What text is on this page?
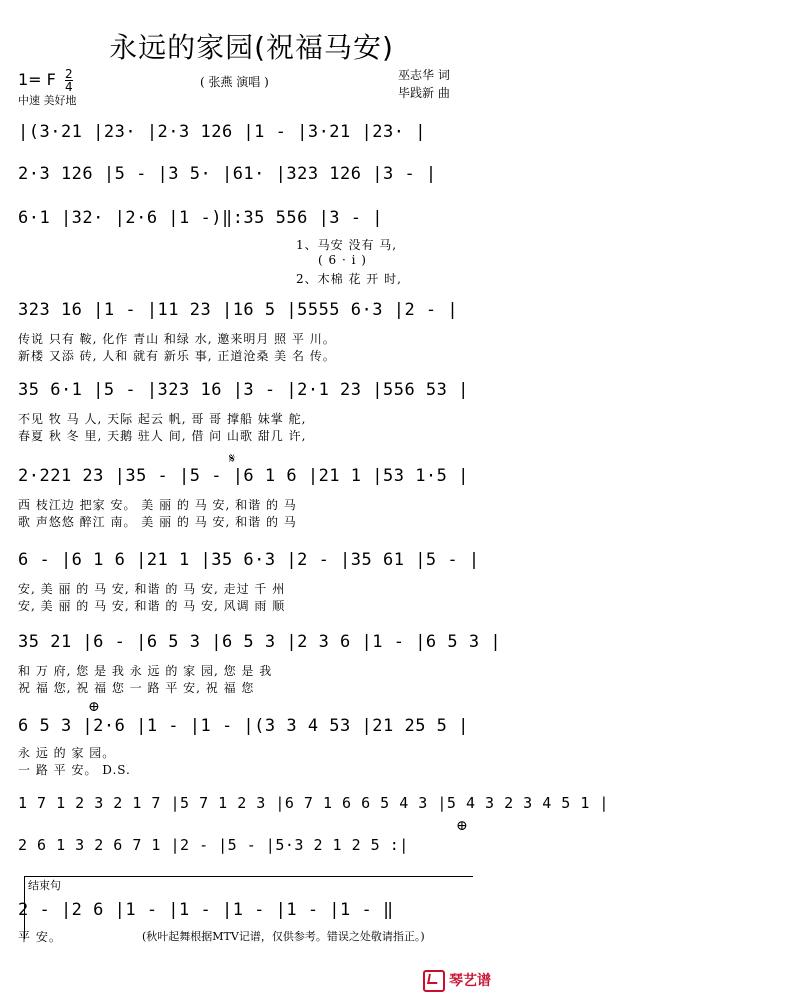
永远的家园(祝福马安)
1= F $\frac{2}{4}$
中速 美好地
( 张燕 演唱 )	巫志华 词
毕践新 曲
|(3·21 |23· |2·3 126 |1 - |3·21 |23· |
2·3 126 |5 - |3 5· |61· |323 126 |3 - |
6·1 |32· |2·6 |1 -)‖:35 556 |3 - |
1、马安 没有 马,
( 6 · i )
2、木棉 花 开 时,
323 16 |1 - |11 23 |16 5 |5555 6·3 |2 - |
传说 只有 鞍, 化作 青山 和绿 水, 邀来明月 照 平 川。
新楼 又添 砖, 人和 就有 新乐 事, 正道沧桑 美 名 传。
35 6·1 |5 - |323 16 |3 - |2·1 23 |556 53 |
不见 牧 马 人, 天际 起云 帆, 哥 哥 撑船 妹掌 舵,
春夏 秋 冬 里, 天鹅 驻人 间, 借 问 山歌 甜几 许,
𝄋
2·221 23 |35 - |5 - |6 1 6 |21 1 |53 1·5 |
西 枝江边 把家 安。 美 丽 的 马 安, 和谐 的 马
歌 声悠悠 醉江 南。 美 丽 的 马 安, 和谐 的 马
6 - |6 1 6 |21 1 |35 6·3 |2 - |35 61 |5 - |
安, 美 丽 的 马 安, 和谐 的 马 安, 走过 千 州
安, 美 丽 的 马 安, 和谐 的 马 安, 风调 雨 顺
35 21 |6 - |6 5 3 |6 5 3 |2 3 6 |1 - |6 5 3 |
和 万 府, 您 是 我 永 远 的 家 园, 您 是 我
祝 福 您, 祝 福 您 一 路 平 安, 祝 福 您
⊕
6 5 3 |2·6 |1 - |1 - |(3 3 4 53 |21 25 5 |
永 远 的 家 园。
一 路 平 安。 D.S.
1 7 1 2 3 2 1 7 |5 7 1 2 3 |6 7 1 6 6 5 4 3 |5 4 3 2 3 4 5 1 |
⊕
2 6 1 3 2 6 7 1 |2 - |5 - |5·3 2 1 2 5 :|
结束句
2 - |2 6 |1 - |1 - |1 - |1 - |1 - ‖
平 安。	(秋叶起舞根据MTV记谱，仅供参考。错误之处敬请指正。)
琴艺谱
